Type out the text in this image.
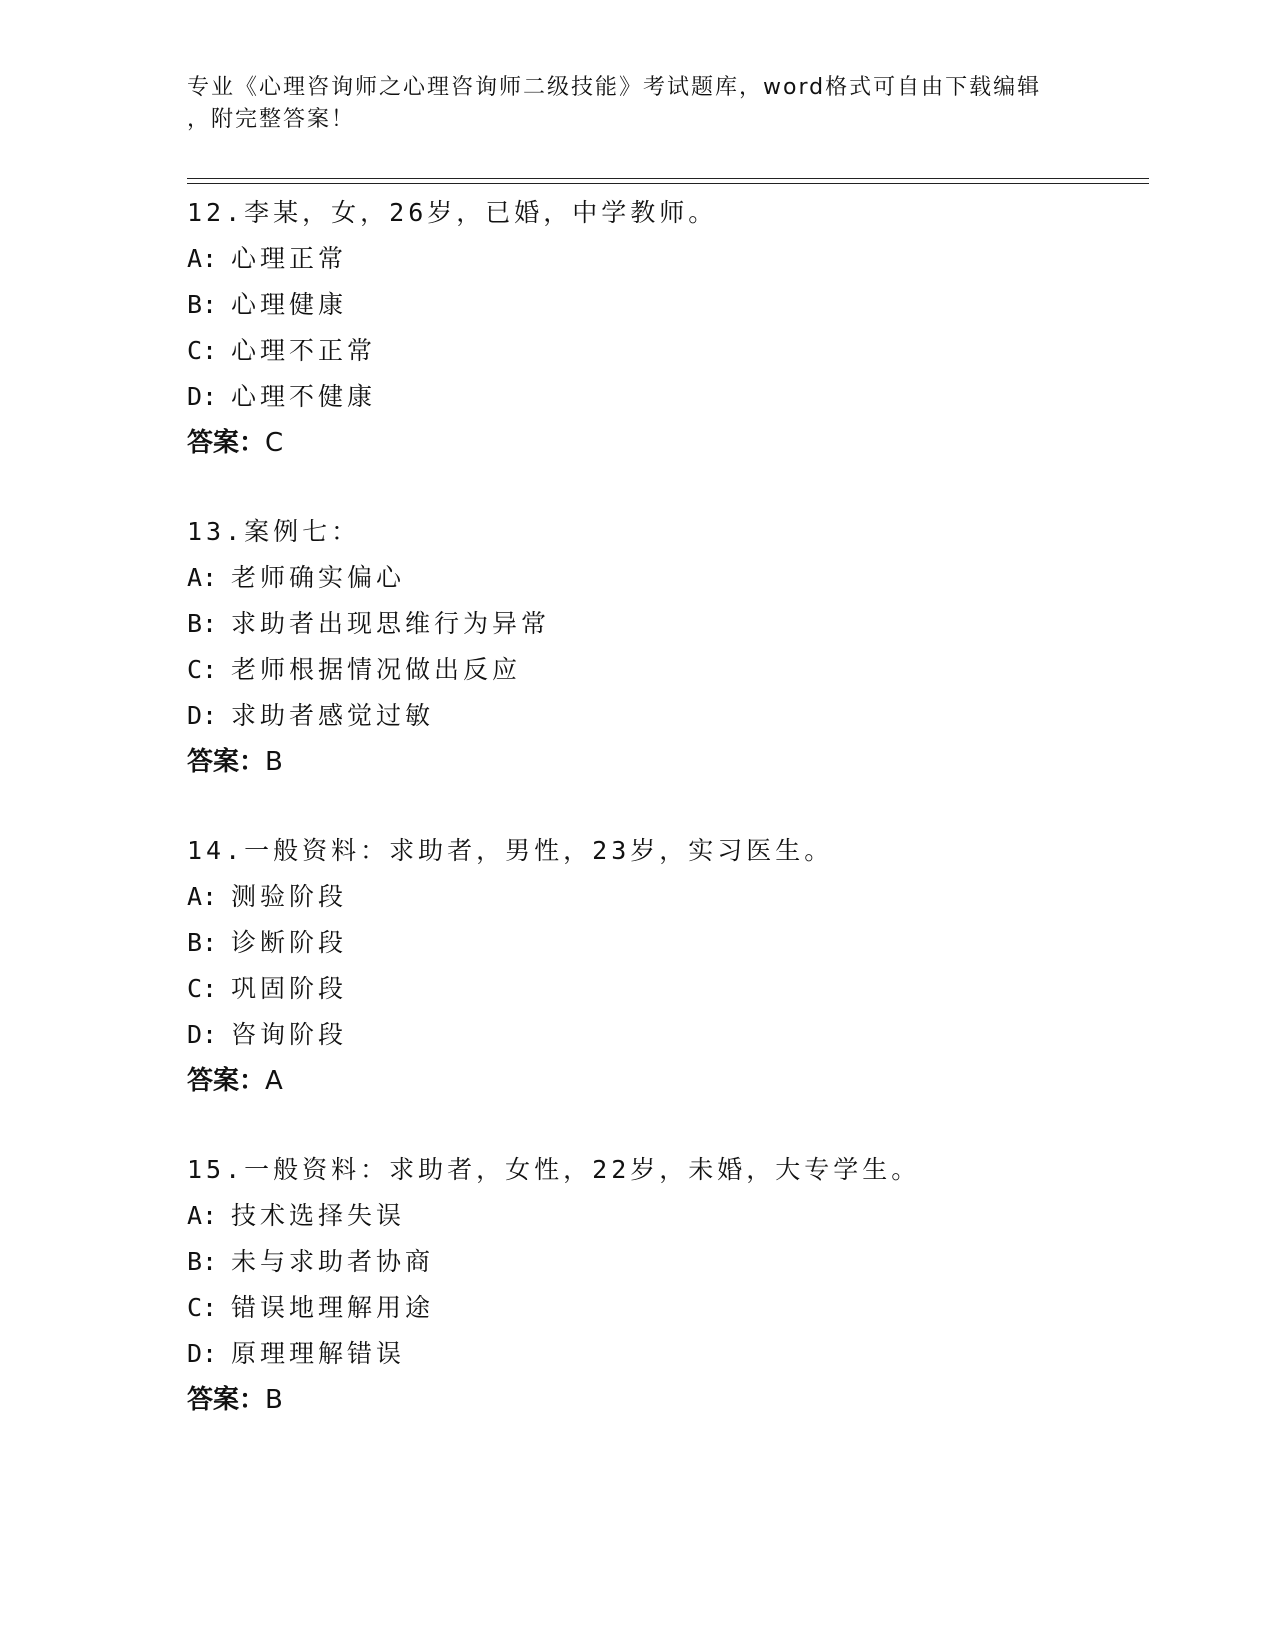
专业《心理咨询师之心理咨询师二级技能》考试题库，word格式可自由下载编辑
，附完整答案！
12.李某，女，26岁，已婚，中学教师。
A: 心理正常
B: 心理健康
C: 心理不正常
D: 心理不健康
答案：C
13.案例七：
A: 老师确实偏心
B: 求助者出现思维行为异常
C: 老师根据情况做出反应
D: 求助者感觉过敏
答案：B
14.一般资料：求助者，男性，23岁，实习医生。
A: 测验阶段
B: 诊断阶段
C: 巩固阶段
D: 咨询阶段
答案：A
15.一般资料：求助者，女性，22岁，未婚，大专学生。
A: 技术选择失误
B: 未与求助者协商
C: 错误地理解用途
D: 原理理解错误
答案：B
